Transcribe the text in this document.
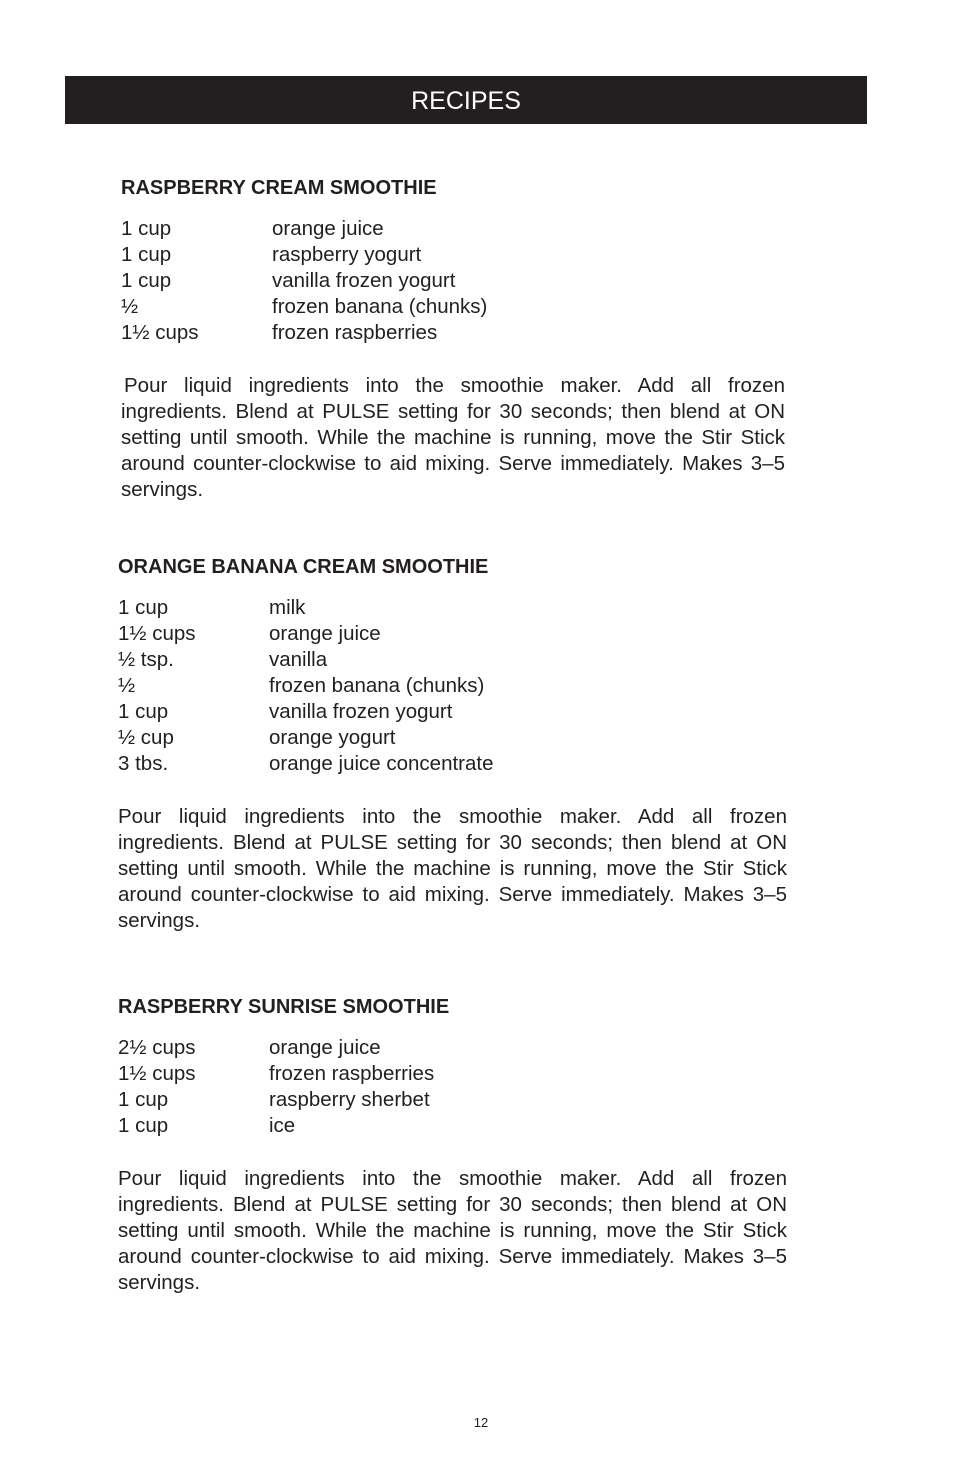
RECIPES
RASPBERRY CREAM SMOOTHIE
1 cup	orange juice
1 cup	raspberry yogurt
1 cup	vanilla frozen yogurt
½	frozen banana (chunks)
1½ cups	frozen raspberries

Pour liquid ingredients into the smoothie maker. Add all frozen ingredients. Blend at PULSE setting for 30 seconds; then blend at ON setting until smooth. While the machine is running, move the Stir Stick around counter-clockwise to aid mixing. Serve immediately. Makes 3–5 servings.

ORANGE BANANA CREAM SMOOTHIE
1 cup	milk
1½ cups	orange juice
½ tsp.	vanilla
½	frozen banana (chunks)
1 cup	vanilla frozen yogurt
½ cup	orange yogurt
3 tbs.	orange juice concentrate

Pour liquid ingredients into the smoothie maker. Add all frozen ingredients. Blend at PULSE setting for 30 seconds; then blend at ON setting until smooth. While the machine is running, move the Stir Stick around counter-clockwise to aid mixing. Serve immediately. Makes 3–5 servings.

RASPBERRY SUNRISE SMOOTHIE
2½ cups	orange juice
1½ cups	frozen raspberries
1 cup	raspberry sherbet
1 cup	ice

Pour liquid ingredients into the smoothie maker. Add all frozen ingredients. Blend at PULSE setting for 30 seconds; then blend at ON setting until smooth. While the machine is running, move the Stir Stick around counter-clockwise to aid mixing. Serve immediately. Makes 3–5 servings.

12
